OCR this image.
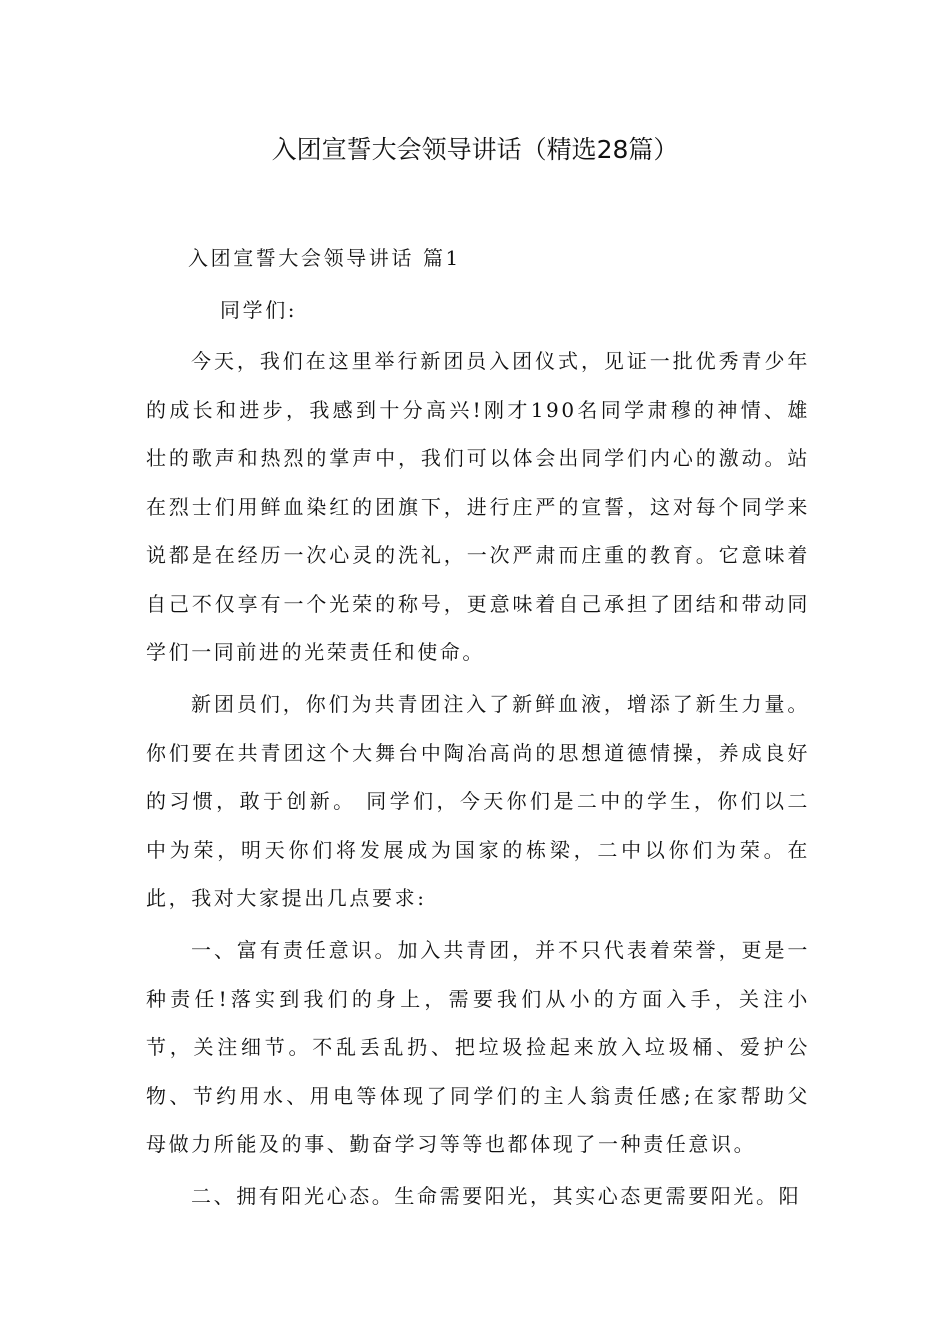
入团宣誓大会领导讲话（精选28篇）

入团宣誓大会领导讲话 篇1

同学们:

今天，我们在这里举行新团员入团仪式，见证一批优秀青少年的成长和进步，我感到十分高兴!刚才190名同学肃穆的神情、雄壮的歌声和热烈的掌声中，我们可以体会出同学们内心的激动。站在烈士们用鲜血染红的团旗下，进行庄严的宣誓，这对每个同学来说都是在经历一次心灵的洗礼，一次严肃而庄重的教育。它意味着自己不仅享有一个光荣的称号，更意味着自己承担了团结和带动同学们一同前进的光荣责任和使命。

新团员们，你们为共青团注入了新鲜血液，增添了新生力量。你们要在共青团这个大舞台中陶冶高尚的思想道德情操，养成良好的习惯，敢于创新。 同学们，今天你们是二中的学生，你们以二中为荣，明天你们将发展成为国家的栋梁，二中以你们为荣。在此，我对大家提出几点要求:

一、富有责任意识。加入共青团，并不只代表着荣誉，更是一种责任!落实到我们的身上，需要我们从小的方面入手，关注小节，关注细节。不乱丢乱扔、把垃圾捡起来放入垃圾桶、爱护公物、节约用水、用电等体现了同学们的主人翁责任感;在家帮助父母做力所能及的事、勤奋学习等等也都体现了一种责任意识。

二、拥有阳光心态。生命需要阳光，其实心态更需要阳光。阳
